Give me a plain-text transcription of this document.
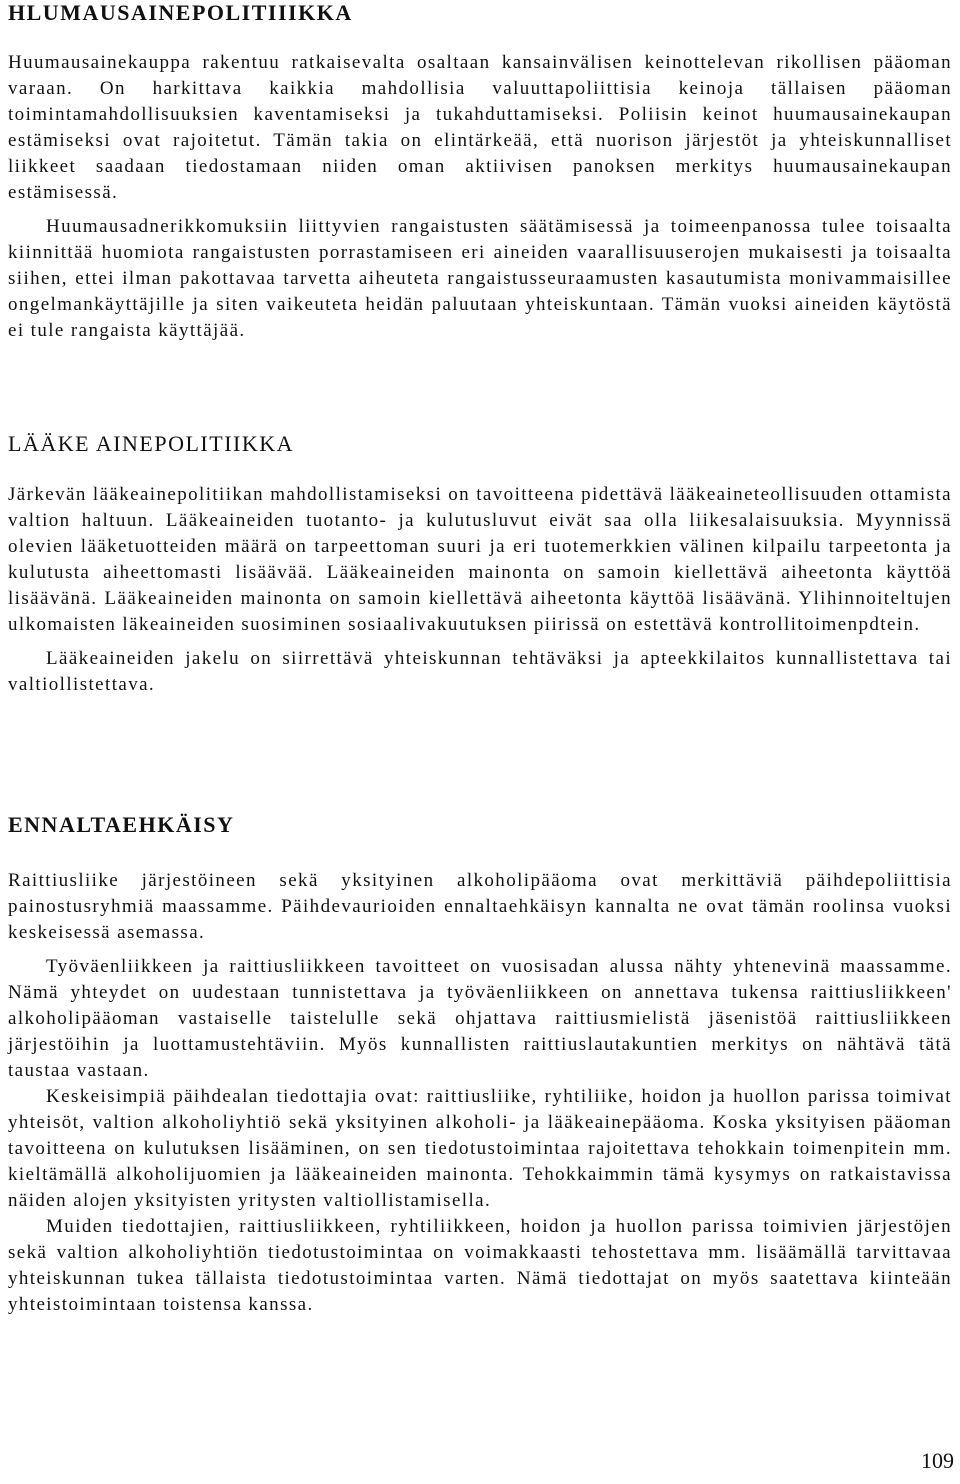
HLUMAUSAINEPOLITIIIKKA

Huumausainekauppa rakentuu ratkaisevalta osaltaan kansainvälisen keinottelevan rikollisen pääoman varaan. On harkittava kaikkia mahdollisia valuuttapoliittisia keinoja tällaisen pääoman toimintamahdollisuuksien kaventamiseksi ja tukahduttamiseksi. Poliisin keinot huumausainekaupan estämiseksi ovat rajoitetut. Tämän takia on elintärkeää, että nuorison järjestöt ja yhteiskunnalliset liikkeet saadaan tiedostamaan niiden oman aktiivisen panoksen merkitys huumausainekaupan estämisessä.

Huumausadnerikkomuksiin liittyvien rangaistusten säätämisessä ja toimeenpanossa tulee toisaalta kiinnittää huomiota rangaistusten porrastamiseen eri aineiden vaarallisuuserojen mukaisesti ja toisaalta siihen, ettei ilman pakottavaa tarvetta aiheuteta rangaistusseuraamusten kasautumista monivammaisillee ongelmankäyttäjille ja siten vaikeuteta heidän paluutaan yhteiskuntaan. Tämän vuoksi aineiden käytöstä ei tule rangaista käyttäjää.

LÄÄKE AINEPOLITIIKKA

Järkevän lääkeainepolitiikan mahdollistamiseksi on tavoitteena pidettävä lääkeaineteollisuuden ottamista valtion haltuun. Lääkeaineiden tuotanto- ja kulutusluvut eivät saa olla liikesalaisuuksia. Myynnissä olevien lääketuotteiden määrä on tarpeettoman suuri ja eri tuotemerkkien välinen kilpailu tarpeetonta ja kulutusta aiheettomasti lisäävää. Lääkeaineiden mainonta on samoin kiellettävä aiheetonta käyttöä lisäävänä. Lääkeaineiden mainonta on samoin kiellettävä aiheetonta käyttöä lisäävänä. Ylihinnoiteltujen ulkomaisten läkeaineiden suosiminen sosiaalivakuutuksen piirissä on estettävä kontrollitoimenpdtein.

Lääkeaineiden jakelu on siirrettävä yhteiskunnan tehtäväksi ja apteekkilaitos kunnallistettava tai valtiollistettava.

ENNALTAEHKÄISY

Raittiusliike järjestöineen sekä yksityinen alkoholipääoma ovat merkittäviä päihdepoliittisia painostusryhmiä maassamme. Päihdevaurioiden ennaltaehkäisyn kannalta ne ovat tämän roolinsa vuoksi keskeisessä asemassa.

Työväenliikkeen ja raittiusliikkeen tavoitteet on vuosisadan alussa nähty yhtenevinä maassamme. Nämä yhteydet on uudestaan tunnistettava ja työväenliikkeen on annettava tukensa raittiusliikkeen' alkoholipääoman vastaiselle taistelulle sekä ohjattava raittiusmielistä jäsenistöä raittiusliikkeen järjestöihin ja luottamustehtäviin. Myös kunnallisten raittiuslautakuntien merkitys on nähtävä tätä taustaa vastaan.

Keskeisimpiä päihdealan tiedottajia ovat: raittiusliike, ryhtiliike, hoidon ja huollon parissa toimivat yhteisöt, valtion alkoholiyhtiö sekä yksityinen alkoholi- ja lääkeainepääoma. Koska yksityisen pääoman tavoitteena on kulutuksen lisääminen, on sen tiedotustoimintaa rajoitettava tehokkain toimenpitein mm. kieltämällä alkoholijuomien ja lääkeaineiden mainonta. Tehokkaimmin tämä kysymys on ratkaistavissa näiden alojen yksityisten yritysten valtiollistamisella.

Muiden tiedottajien, raittiusliikkeen, ryhtiliikkeen, hoidon ja huollon parissa toimivien järjestöjen sekä valtion alkoholiyhtiön tiedotustoimintaa on voimakkaasti tehostettava mm. lisäämällä tarvittavaa yhteiskunnan tukea tällaista tiedotustoimintaa varten. Nämä tiedottajat on myös saatettava kiinteään yhteistoimintaan toistensa kanssa.

109
